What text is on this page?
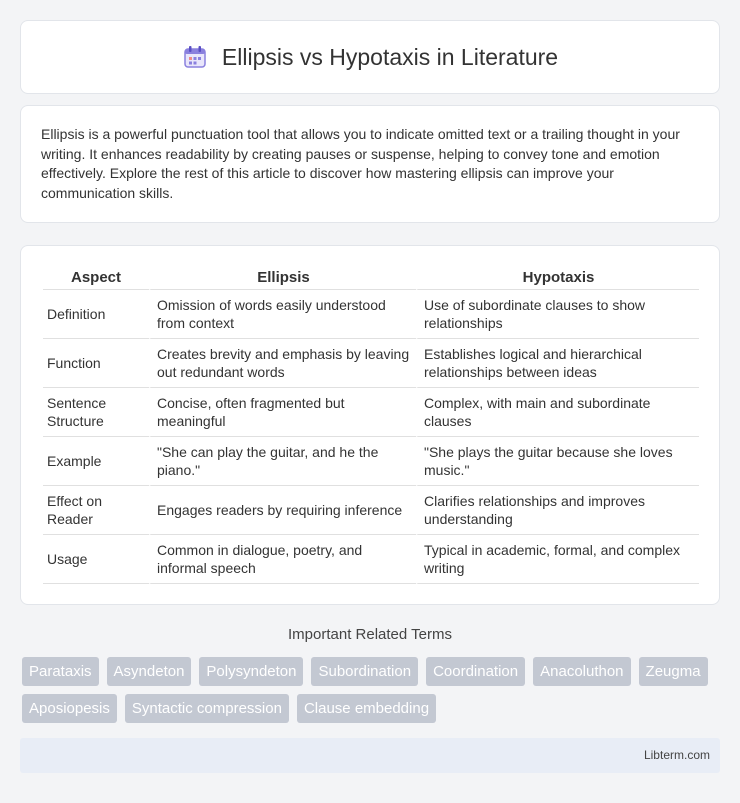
Ellipsis vs Hypotaxis in Literature

Ellipsis is a powerful punctuation tool that allows you to indicate omitted text or a trailing thought in your writing. It enhances readability by creating pauses or suspense, helping to convey tone and emotion effectively. Explore the rest of this article to discover how mastering ellipsis can improve your communication skills.

Aspect	Ellipsis	Hypotaxis
Definition	Omission of words easily understood from context	Use of subordinate clauses to show relationships
Function	Creates brevity and emphasis by leaving out redundant words	Establishes logical and hierarchical relationships between ideas
Sentence Structure	Concise, often fragmented but meaningful	Complex, with main and subordinate clauses
Example	"She can play the guitar, and he the piano."	"She plays the guitar because she loves music."
Effect on Reader	Engages readers by requiring inference	Clarifies relationships and improves understanding
Usage	Common in dialogue, poetry, and informal speech	Typical in academic, formal, and complex writing
Important Related Terms
Parataxis	Asyndeton	Polysyndeton	Subordination	Coordination	Anacoluthon	Zeugma
Aposiopesis	Syntactic compression	Clause embedding
Libterm.com
